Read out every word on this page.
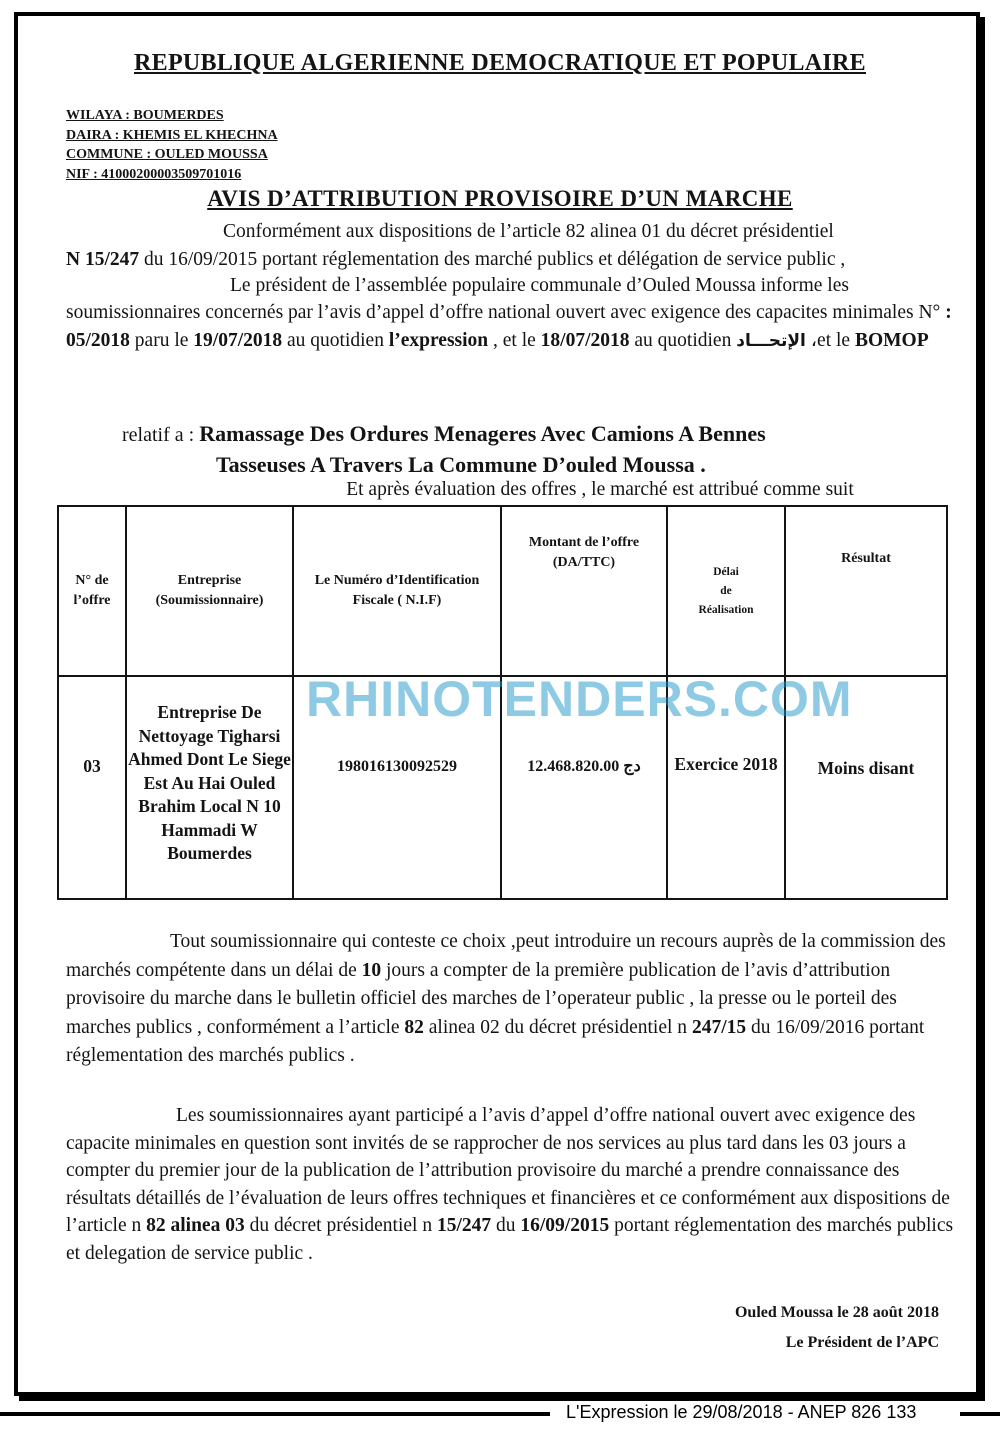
REPUBLIQUE ALGERIENNE DEMOCRATIQUE ET POPULAIRE
WILAYA : BOUMERDES
DAIRA : KHEMIS EL KHECHNA
COMMUNE : OULED MOUSSA
NIF : 41000200003509701016
AVIS D’ATTRIBUTION PROVISOIRE D’UN MARCHE
Conformément aux dispositions de l’article 82 alinea 01 du décret présidentiel
N 15/247 du 16/09/2015 portant réglementation des marché publics et délégation de service public ,
Le président de l’assemblée populaire communale d’Ouled Moussa informe les soumissionnaires concernés par l’avis d’appel d’offre national ouvert avec exigence des capacites minimales N° : 05/2018 paru le 19/07/2018 au quotidien l’expression , et le 18/07/2018 au quotidien الإتحـــاد ،et le BOMOP
relatif a : Ramassage Des Ordures Menageres Avec Camions A Bennes
Tasseuses A Travers La Commune D’ouled Moussa .
Et après évaluation des offres , le marché est attribué comme suit
N° de l’offre	Entreprise (Soumissionnaire)	Le Numéro d’Identification Fiscale ( N.I.F)	Montant de l’offre (DA/TTC)	Délai
de
Réalisation	Résultat
03	Entreprise De Nettoyage Tigharsi Ahmed Dont Le Siege Est Au Hai Ouled Brahim Local N 10 Hammadi W Boumerdes	198016130092529	دج 12.468.820.00	Exercice 2018	Moins disant
RHINOTENDERS.COM
Tout soumissionnaire qui conteste ce choix ,peut introduire un recours auprès de la commission des marchés compétente dans un délai de 10 jours a compter de la première publication de l’avis d’attribution provisoire du marche dans le bulletin officiel des marches de l’operateur public , la presse ou le porteil des marches publics , conformément a l’article 82 alinea 02 du décret présidentiel n 247/15 du 16/09/2016 portant réglementation des marchés publics .
Les soumissionnaires ayant participé a l’avis d’appel d’offre national ouvert avec exigence des capacite minimales en question sont invités de se rapprocher de nos services au plus tard dans les 03 jours a compter du premier jour de la publication de l’attribution provisoire du marché a prendre connaissance des résultats détaillés de l’évaluation de leurs offres techniques et financières et ce conformément aux dispositions de l’article n 82 alinea 03 du décret présidentiel n 15/247 du 16/09/2015 portant réglementation des marchés publics et delegation de service public .
Ouled Moussa le 28 août 2018
Le Président de l’APC
L'Expression le 29/08/2018 - ANEP 826 133
